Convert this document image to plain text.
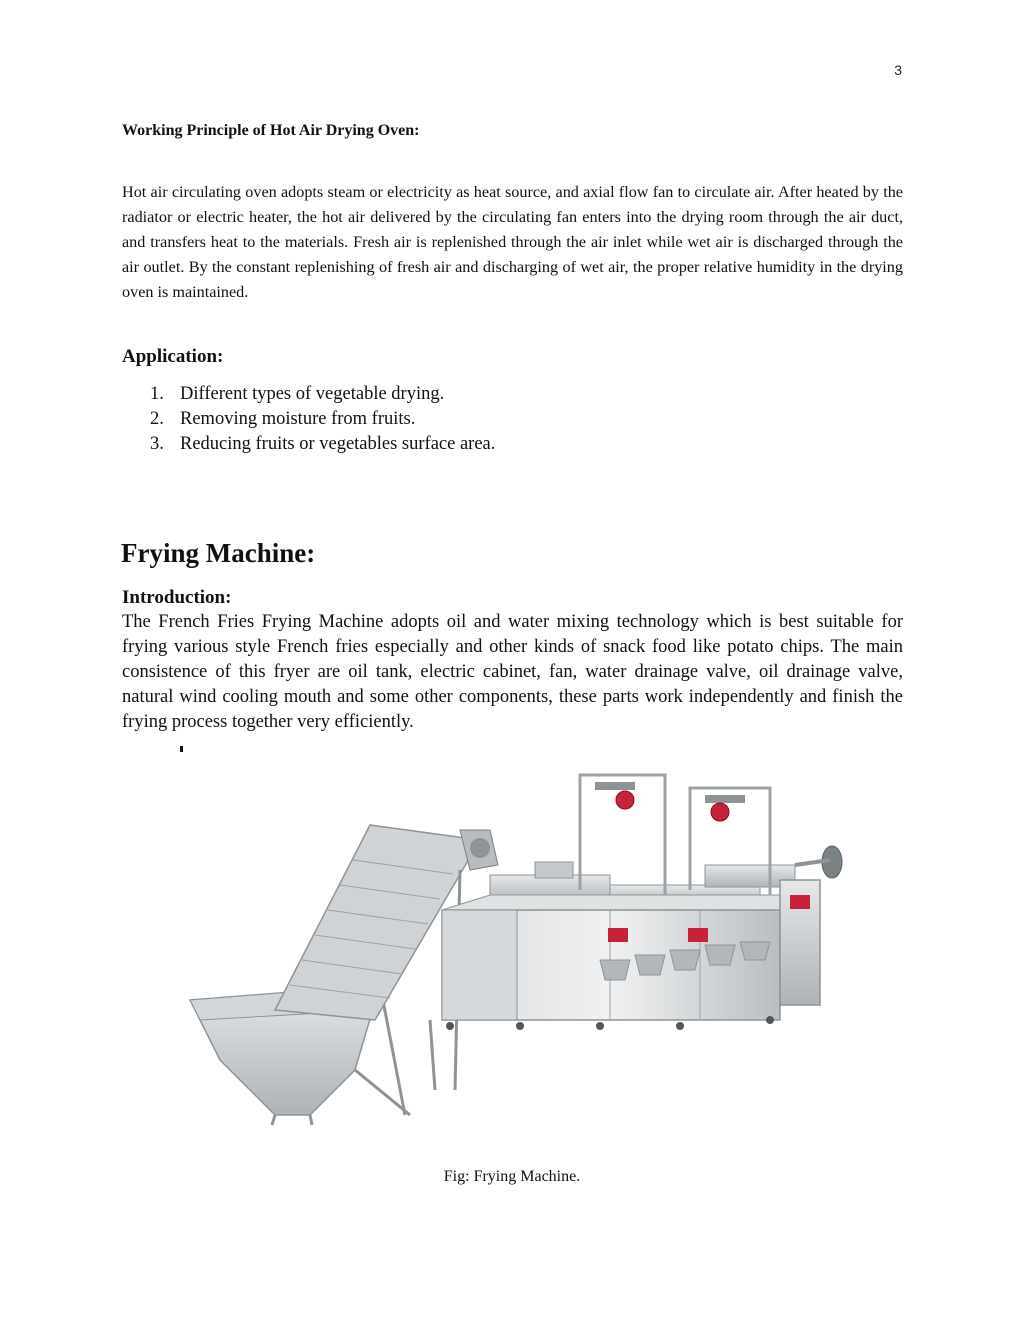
3
Working Principle of Hot Air Drying Oven:

Hot air circulating oven adopts steam or electricity as heat source, and axial flow fan to circulate air. After heated by the radiator or electric heater, the hot air delivered by the circulating fan enters into the drying room through the air duct, and transfers heat to the materials. Fresh air is replenished through the air inlet while wet air is discharged through the air outlet. By the constant replenishing of fresh air and discharging of wet air, the proper relative humidity in the drying oven is maintained.

Application:
1. Different types of vegetable drying.
2. Removing moisture from fruits.
3. Reducing fruits or vegetables surface area.
Frying Machine:
Introduction:

The French Fries Frying Machine adopts oil and water mixing technology which is best suitable for frying various style French fries especially and other kinds of snack food like potato chips. The main consistence of this fryer are oil tank, electric cabinet, fan, water drainage valve, oil drainage valve, natural wind cooling mouth and some other components, these parts work independently and finish the frying process together very efficiently.

Fig: Frying Machine.
